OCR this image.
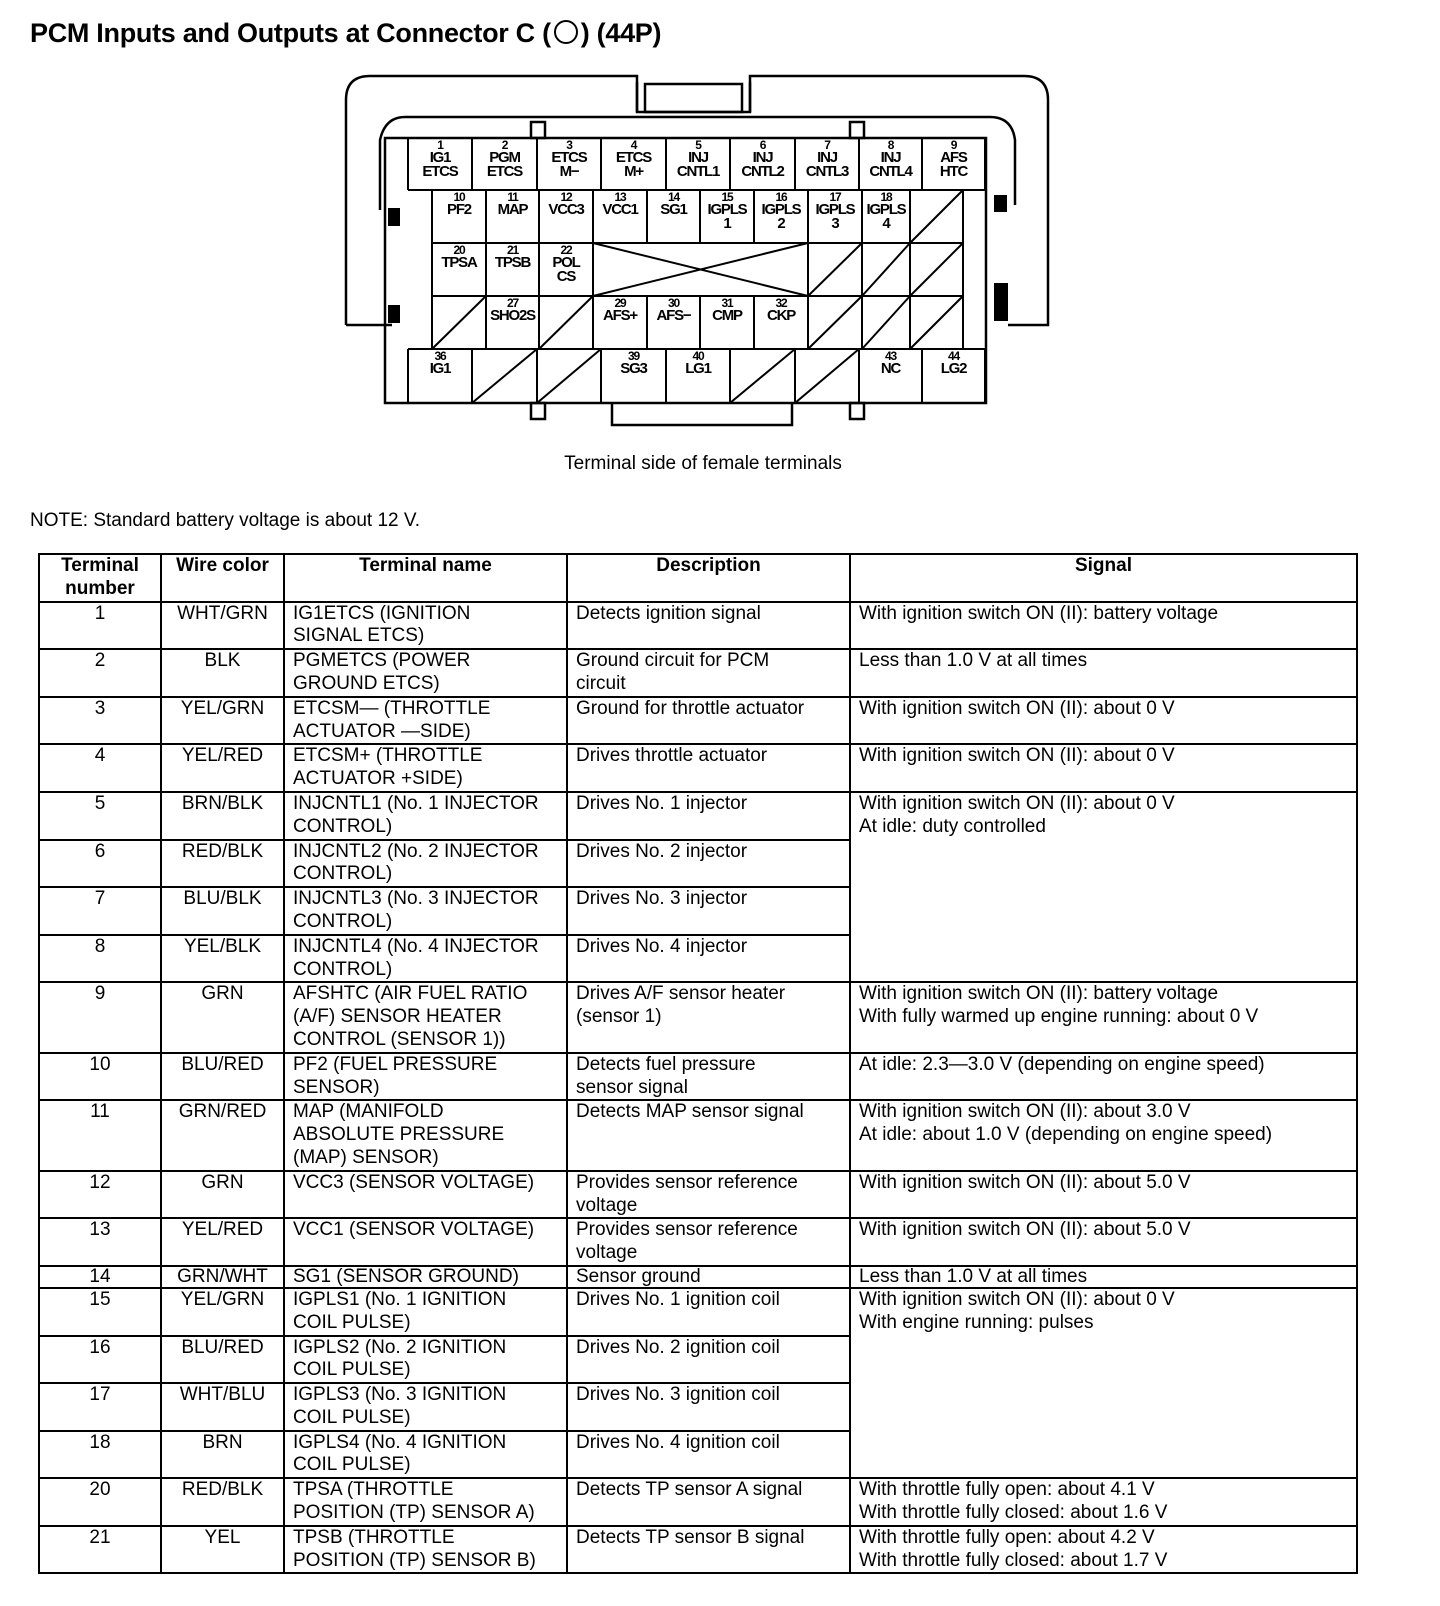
PCM Inputs and Outputs at Connector C ( ) (44P)
1
IG1
ETCS
2
PGM
ETCS
3
ETCS
M−
4
ETCS
M+
5
INJ
CNTL1
6
INJ
CNTL2
7
INJ
CNTL3
8
INJ
CNTL4
9
AFS
HTC
10
PF2
11
MAP
12
VCC3
13
VCC1
14
SG1
15
IGPLS
1
16
IGPLS
2
17
IGPLS
3
18
IGPLS
4
20
TPSA
21
TPSB
22
POL
CS
27
SHO2S
29
AFS+
30
AFS−
31
CMP
32
CKP
36
IG1
39
SG3
40
LG1
43
NC
44
LG2
Terminal side of female terminals
NOTE: Standard battery voltage is about 12 V.
Terminal
number	Wire color	Terminal name	Description	Signal
1	WHT/GRN	IG1ETCS (IGNITION
SIGNAL ETCS)	Detects ignition signal	With ignition switch ON (II): battery voltage
2	BLK	PGMETCS (POWER
GROUND ETCS)	Ground circuit for PCM
circuit	Less than 1.0 V at all times
3	YEL/GRN	ETCSM— (THROTTLE
ACTUATOR —SIDE)	Ground for throttle actuator	With ignition switch ON (II): about 0 V
4	YEL/RED	ETCSM+ (THROTTLE
ACTUATOR +SIDE)	Drives throttle actuator	With ignition switch ON (II): about 0 V
5	BRN/BLK	INJCNTL1 (No. 1 INJECTOR
CONTROL)	Drives No. 1 injector	With ignition switch ON (II): about 0 V
At idle: duty controlled
6	RED/BLK	INJCNTL2 (No. 2 INJECTOR
CONTROL)	Drives No. 2 injector	
7	BLU/BLK	INJCNTL3 (No. 3 INJECTOR
CONTROL)	Drives No. 3 injector	
8	YEL/BLK	INJCNTL4 (No. 4 INJECTOR
CONTROL)	Drives No. 4 injector	
9	GRN	AFSHTC (AIR FUEL RATIO
(A/F) SENSOR HEATER
CONTROL (SENSOR 1))	Drives A/F sensor heater
(sensor 1)	With ignition switch ON (II): battery voltage
With fully warmed up engine running: about 0 V
10	BLU/RED	PF2 (FUEL PRESSURE
SENSOR)	Detects fuel pressure
sensor signal	At idle: 2.3—3.0 V (depending on engine speed)
11	GRN/RED	MAP (MANIFOLD
ABSOLUTE PRESSURE
(MAP) SENSOR)	Detects MAP sensor signal	With ignition switch ON (II): about 3.0 V
At idle: about 1.0 V (depending on engine speed)
12	GRN	VCC3 (SENSOR VOLTAGE)	Provides sensor reference
voltage	With ignition switch ON (II): about 5.0 V
13	YEL/RED	VCC1 (SENSOR VOLTAGE)	Provides sensor reference
voltage	With ignition switch ON (II): about 5.0 V
14	GRN/WHT	SG1 (SENSOR GROUND)	Sensor ground	Less than 1.0 V at all times
15	YEL/GRN	IGPLS1 (No. 1 IGNITION
COIL PULSE)	Drives No. 1 ignition coil	With ignition switch ON (II): about 0 V
With engine running: pulses
16	BLU/RED	IGPLS2 (No. 2 IGNITION
COIL PULSE)	Drives No. 2 ignition coil	
17	WHT/BLU	IGPLS3 (No. 3 IGNITION
COIL PULSE)	Drives No. 3 ignition coil	
18	BRN	IGPLS4 (No. 4 IGNITION
COIL PULSE)	Drives No. 4 ignition coil	
20	RED/BLK	TPSA (THROTTLE
POSITION (TP) SENSOR A)	Detects TP sensor A signal	With throttle fully open: about 4.1 V
With throttle fully closed: about 1.6 V
21	YEL	TPSB (THROTTLE
POSITION (TP) SENSOR B)	Detects TP sensor B signal	With throttle fully open: about 4.2 V
With throttle fully closed: about 1.7 V
